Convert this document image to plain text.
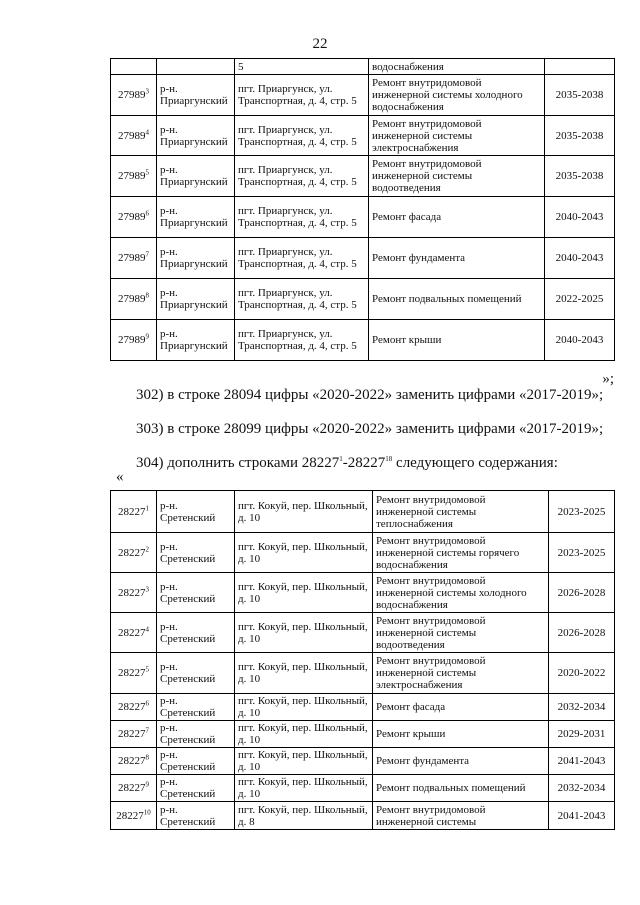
22
		5	водоснабжения	
27989$^3$	р-н. Приаргунский	пгт. Приаргунск, ул. Транспортная, д. 4, стр. 5	Ремонт внутридомовой инженерной системы холодного водоснабжения	2035-2038
27989$^4$	р-н. Приаргунский	пгт. Приаргунск, ул. Транспортная, д. 4, стр. 5	Ремонт внутридомовой инженерной системы электроснабжения	2035-2038
27989$^5$	р-н. Приаргунский	пгт. Приаргунск, ул. Транспортная, д. 4, стр. 5	Ремонт внутридомовой инженерной системы водоотведения	2035-2038
27989$^6$	р-н. Приаргунский	пгт. Приаргунск, ул. Транспортная, д. 4, стр. 5	Ремонт фасада	2040-2043
27989$^7$	р-н. Приаргунский	пгт. Приаргунск, ул. Транспортная, д. 4, стр. 5	Ремонт фундамента	2040-2043
27989$^8$	р-н. Приаргунский	пгт. Приаргунск, ул. Транспортная, д. 4, стр. 5	Ремонт подвальных помещений	2022-2025
27989$^9$	р-н. Приаргунский	пгт. Приаргунск, ул. Транспортная, д. 4, стр. 5	Ремонт крыши	2040-2043
»;
302) в строке 28094 цифры «2020-2022» заменить цифрами «2017-2019»;
303) в строке 28099 цифры «2020-2022» заменить цифрами «2017-2019»;
304) дополнить строками 28227$^1$-28227$^{18}$ следующего содержания:
«
28227$^1$	р-н. Сретенский	пгт. Кокуй, пер. Школьный, д. 10	Ремонт внутридомовой инженерной системы теплоснабжения	2023-2025
28227$^2$	р-н. Сретенский	пгт. Кокуй, пер. Школьный, д. 10	Ремонт внутридомовой инженерной системы горячего водоснабжения	2023-2025
28227$^3$	р-н. Сретенский	пгт. Кокуй, пер. Школьный, д. 10	Ремонт внутридомовой инженерной системы холодного водоснабжения	2026-2028
28227$^4$	р-н. Сретенский	пгт. Кокуй, пер. Школьный, д. 10	Ремонт внутридомовой инженерной системы водоотведения	2026-2028
28227$^5$	р-н. Сретенский	пгт. Кокуй, пер. Школьный, д. 10	Ремонт внутридомовой инженерной системы электроснабжения	2020-2022
28227$^6$	р-н. Сретенский	пгт. Кокуй, пер. Школьный, д. 10	Ремонт фасада	2032-2034
28227$^7$	р-н. Сретенский	пгт. Кокуй, пер. Школьный, д. 10	Ремонт крыши	2029-2031
28227$^8$	р-н. Сретенский	пгт. Кокуй, пер. Школьный, д. 10	Ремонт фундамента	2041-2043
28227$^9$	р-н. Сретенский	пгт. Кокуй, пер. Школьный, д. 10	Ремонт подвальных помещений	2032-2034
28227$^{10}$	р-н. Сретенский	пгт. Кокуй, пер. Школьный, д. 8	Ремонт внутридомовой инженерной системы	2041-2043
